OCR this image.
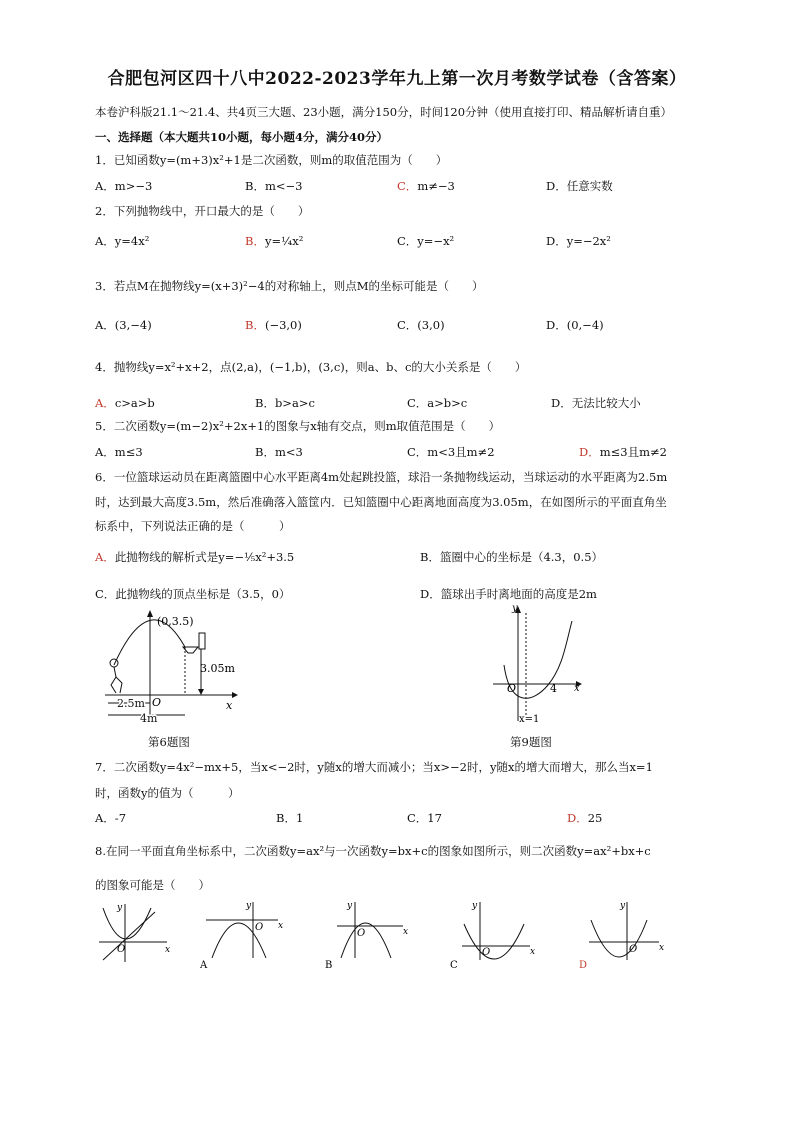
合肥包河区四十八中2022-2023学年九上第一次月考数学试卷（含答案）
本卷沪科版21.1～21.4、共4页三大题、23小题，满分150分，时间120分钟（使用直接打印、精品解析请自重）
一、选择题（本大题共10小题，每小题4分，满分40分）
1．已知函数y=(m+3)x²+1是二次函数，则m的取值范围为（　　）
A．m>−3	B．m<−3	C．m≠−3	D．任意实数
2．下列抛物线中，开口最大的是（　　）
A．y=4x²	B．y=¼x²	C．y=−x²	D．y=−2x²
3．若点M在抛物线y=(x+3)²−4的对称轴上，则点M的坐标可能是（　　）
A．(3,−4)	B．(−3,0)	C．(3,0)	D．(0,−4)
4．抛物线y=x²+x+2，点(2,a)，(−1,b)，(3,c)，则a、b、c的大小关系是（　　）
A．c>a>b	B．b>a>c	C．a>b>c	D．无法比较大小
5．二次函数y=(m−2)x²+2x+1的图象与x轴有交点，则m取值范围是（　　）
A．m≤3	B．m<3	C．m<3且m≠2	D．m≤3且m≠2
6．一位篮球运动员在距离篮圈中心水平距离4m处起跳投篮，球沿一条抛物线运动，当球运动的水平距离为2.5m
时，达到最大高度3.5m，然后准确落入篮筐内．已知篮圈中心距离地面高度为3.05m，在如图所示的平面直角坐
标系中，下列说法正确的是（　　　）
A．此抛物线的解析式是y=−⅕x²+3.5	B．篮圈中心的坐标是（4.3，0.5）
C．此抛物线的顶点坐标是（3.5，0）	D．篮球出手时离地面的高度是2m
(0,3.5)
3.05m
2.5m
4m
O	x
第6题图
y
O	4 x
x=1
第9题图
7．二次函数y=4x²−mx+5，当x<−2时，y随x的增大而减小；当x>−2时，y随x的增大而增大，那么当x=1
时，函数y的值为（　　　）
A．-7	B．1	C．17	D．25
8.在同一平面直角坐标系中，二次函数y=ax²与一次函数y=bx+c的图象如图所示，则二次函数y=ax²+bx+c
的图象可能是（　　）
y
O	x
y
O x
A
y
O	x
B
y
O	x
C
y
O x
D
